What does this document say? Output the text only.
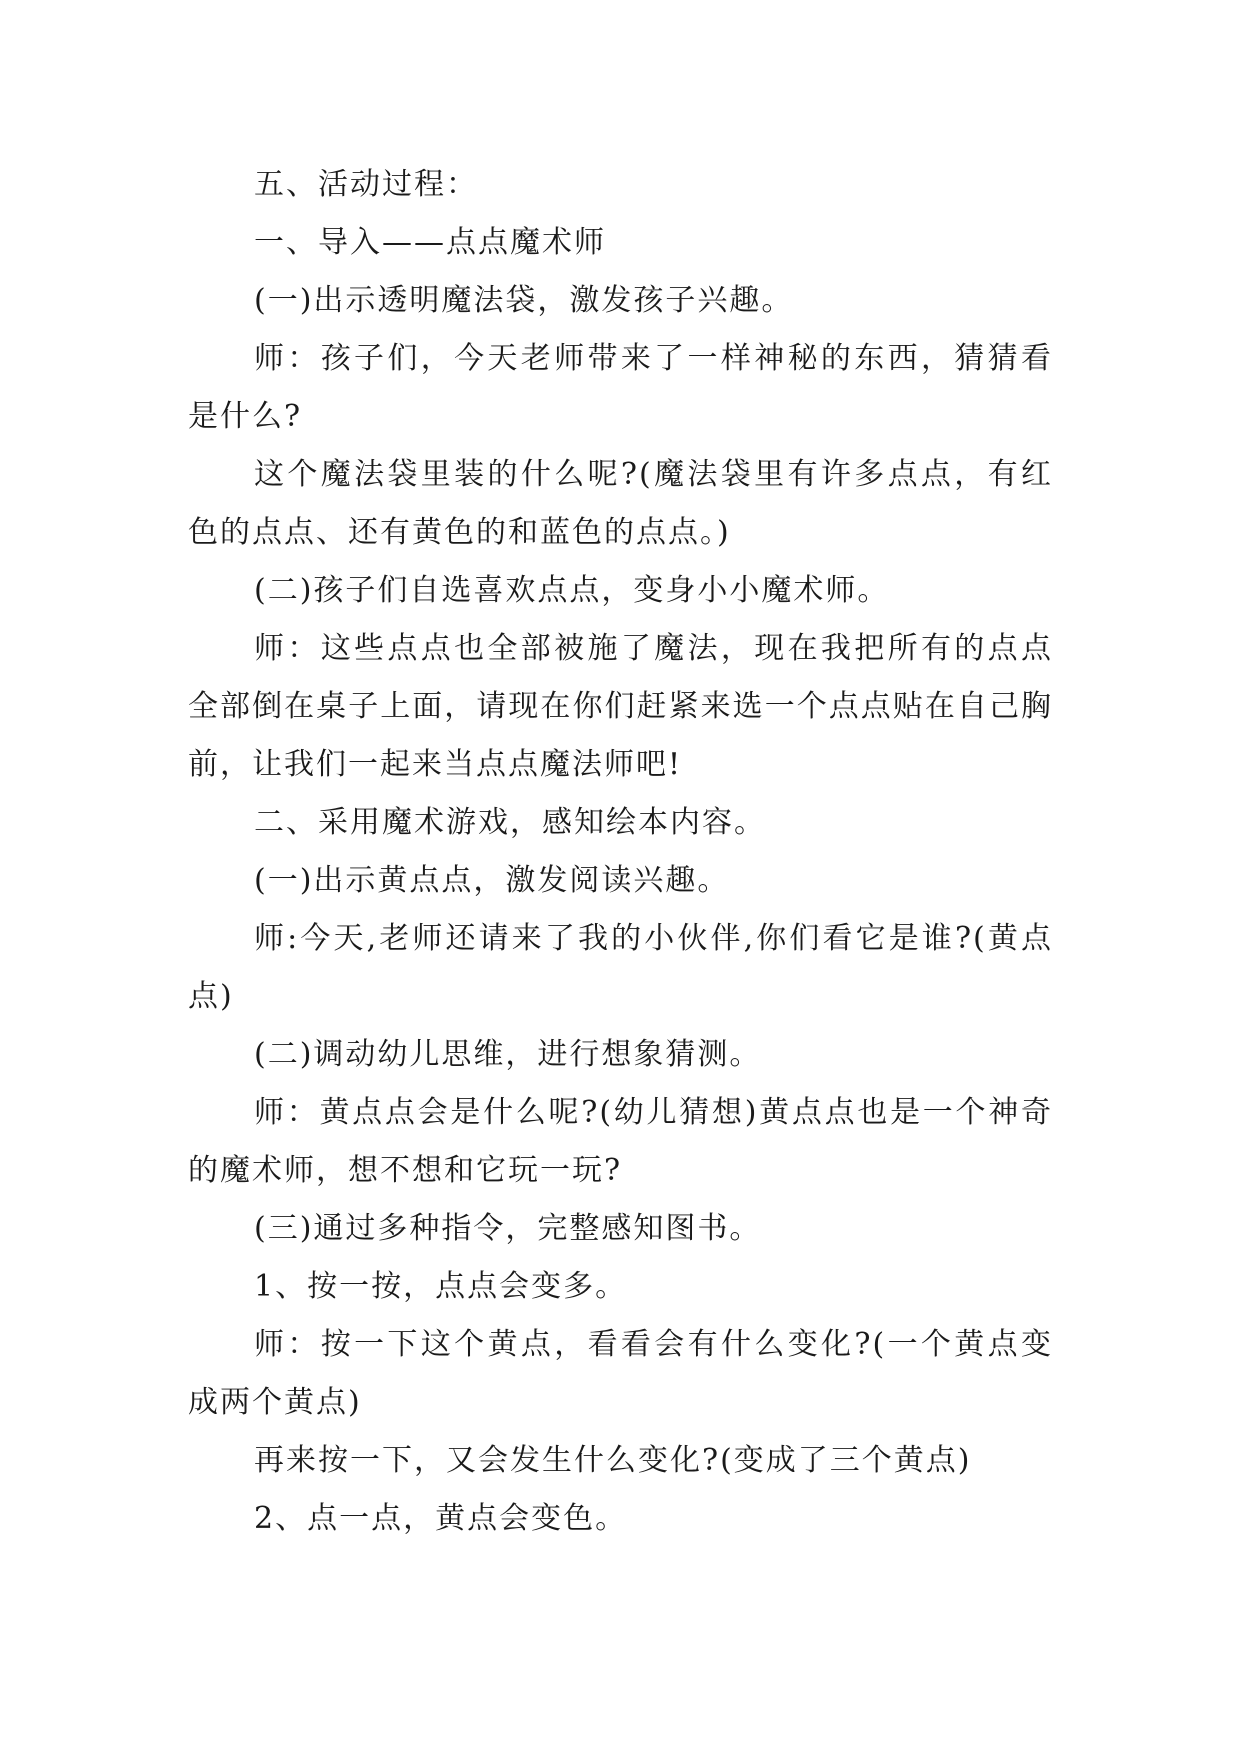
五、活动过程：

一、导入——点点魔术师

(一)出示透明魔法袋，激发孩子兴趣。

师：孩子们，今天老师带来了一样神秘的东西，猜猜看是什么?

这个魔法袋里装的什么呢?(魔法袋里有许多点点，有红色的点点、还有黄色的和蓝色的点点。)

(二)孩子们自选喜欢点点，变身小小魔术师。

师：这些点点也全部被施了魔法，现在我把所有的点点全部倒在桌子上面，请现在你们赶紧来选一个点点贴在自己胸前，让我们一起来当点点魔法师吧!

二、采用魔术游戏，感知绘本内容。

(一)出示黄点点，激发阅读兴趣。

师:今天,老师还请来了我的小伙伴,你们看它是谁?(黄点点)

(二)调动幼儿思维，进行想象猜测。

师：黄点点会是什么呢?(幼儿猜想)黄点点也是一个神奇的魔术师，想不想和它玩一玩?

(三)通过多种指令，完整感知图书。

1、按一按，点点会变多。

师：按一下这个黄点，看看会有什么变化?(一个黄点变成两个黄点)

再来按一下，又会发生什么变化?(变成了三个黄点)

2、点一点，黄点会变色。
